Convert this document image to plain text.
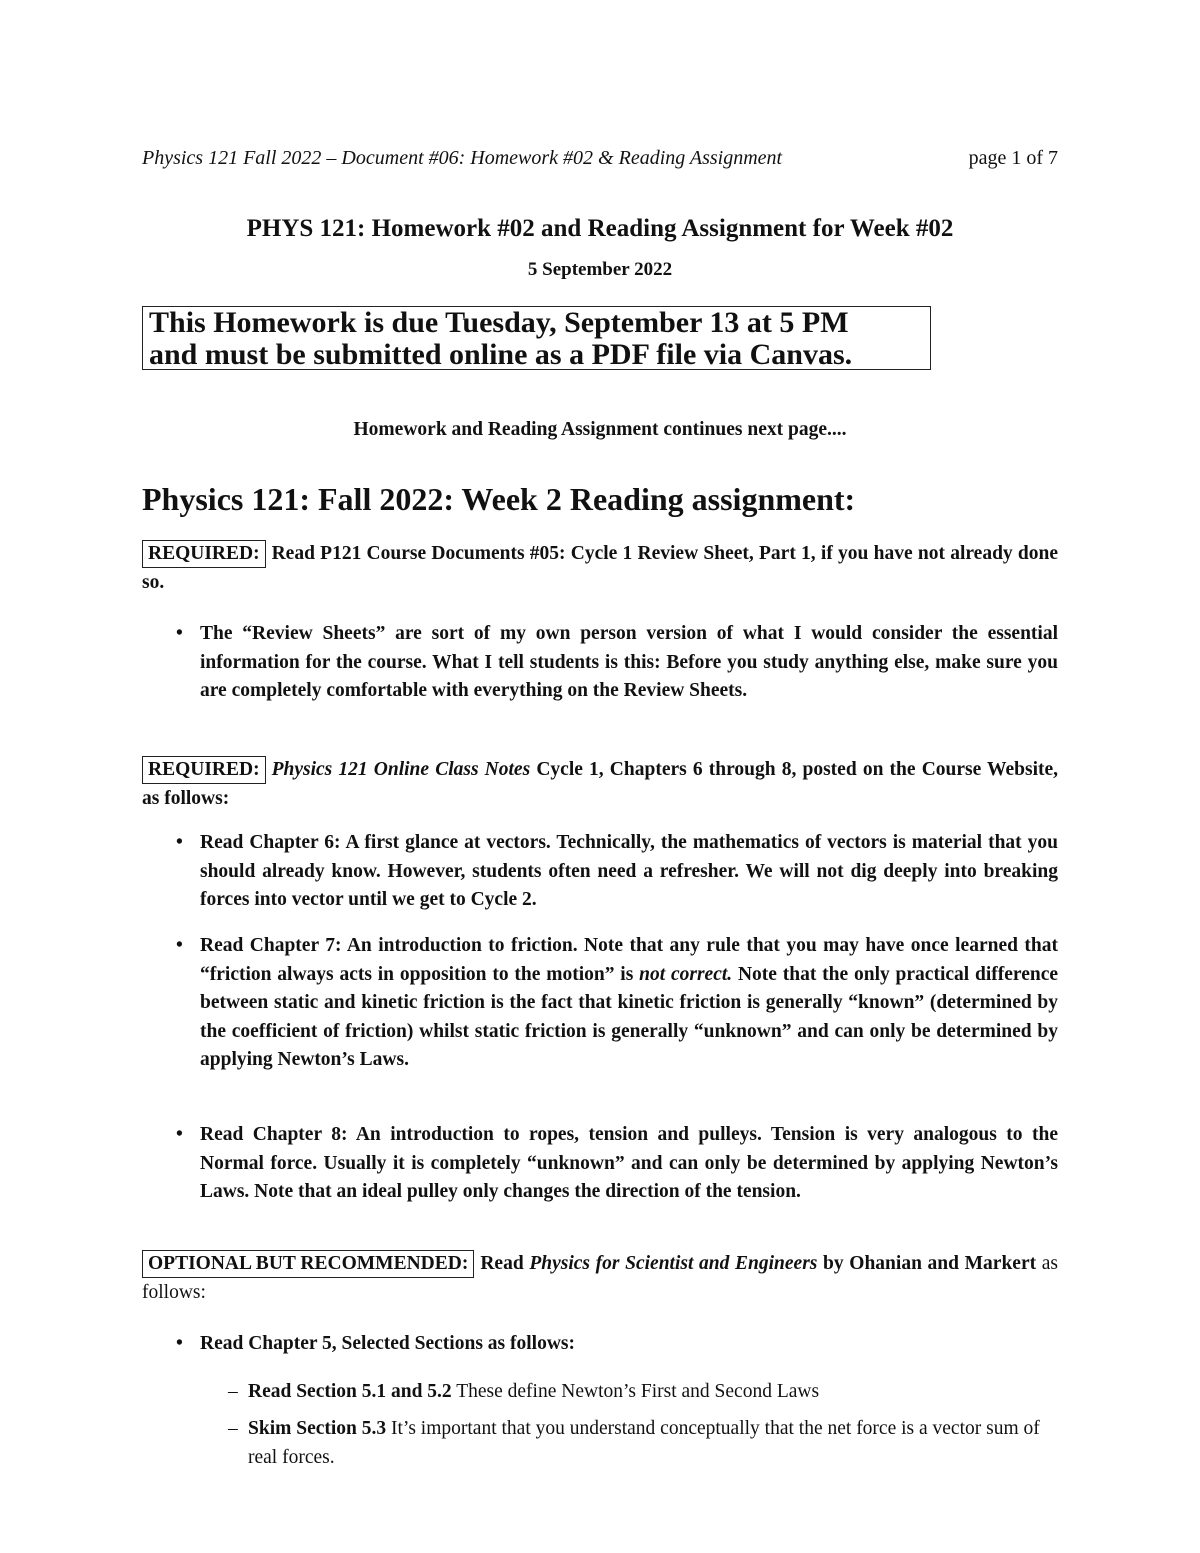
Physics 121 Fall 2022 – Document #06: Homework #02 & Reading Assignment	page 1 of 7
PHYS 121: Homework #02 and Reading Assignment for Week #02
5 September 2022
This Homework is due Tuesday, September 13 at 5 PM
and must be submitted online as a PDF file via Canvas.
Homework and Reading Assignment continues next page....
Physics 121: Fall 2022: Week 2 Reading assignment:
REQUIRED: Read P121 Course Documents #05: Cycle 1 Review Sheet, Part 1, if you have not already done so.
• The “Review Sheets” are sort of my own person version of what I would consider the essential information for the course. What I tell students is this: Before you study anything else, make sure you are completely comfortable with everything on the Review Sheets.
REQUIRED: Physics 121 Online Class Notes Cycle 1, Chapters 6 through 8, posted on the Course Website, as follows:
• Read Chapter 6: A first glance at vectors. Technically, the mathematics of vectors is material that you should already know. However, students often need a refresher. We will not dig deeply into breaking forces into vector until we get to Cycle 2.
• Read Chapter 7: An introduction to friction. Note that any rule that you may have once learned that “friction always acts in opposition to the motion” is not correct. Note that the only practical difference between static and kinetic friction is the fact that kinetic friction is generally “known” (determined by the coefficient of friction) whilst static friction is generally “unknown” and can only be determined by applying Newton’s Laws.
• Read Chapter 8: An introduction to ropes, tension and pulleys. Tension is very analogous to the Normal force. Usually it is completely “unknown” and can only be determined by applying Newton’s Laws. Note that an ideal pulley only changes the direction of the tension.
OPTIONAL BUT RECOMMENDED: Read Physics for Scientist and Engineers by Ohanian and Markert as follows:
• Read Chapter 5, Selected Sections as follows:
– Read Section 5.1 and 5.2 These define Newton’s First and Second Laws
– Skim Section 5.3 It’s important that you understand conceptually that the net force is a vector sum of real forces.
